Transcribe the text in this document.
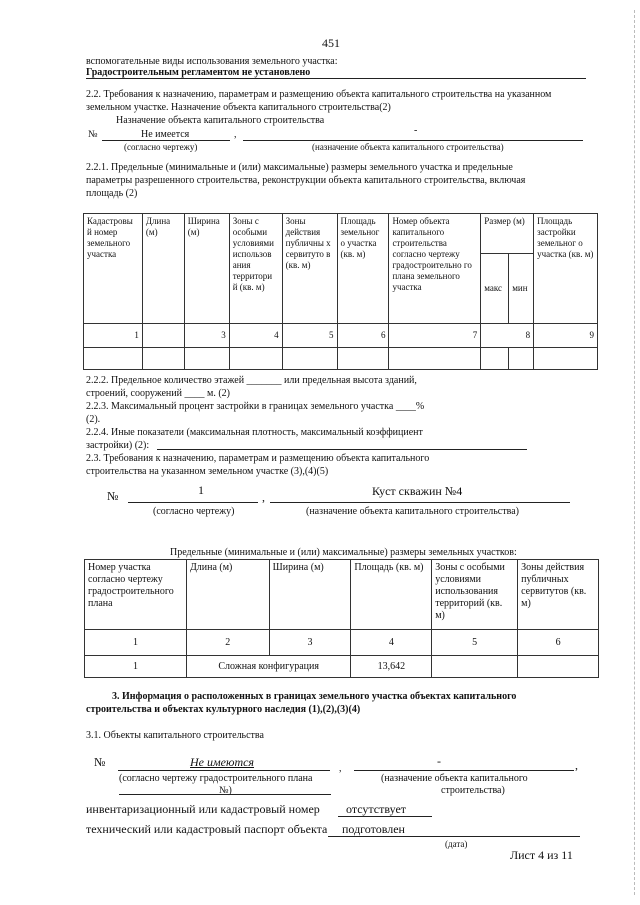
451
вспомогательные виды использования земельного участка:
Градостроительным регламентом не установлено
2.2. Требования к назначению, параметрам и размещению объекта капитального строительства на указанном
земельном участке. Назначение объекта капитального строительства(2)
Назначение объекта капитального строительства
№	Не имеется	,	-
(согласно чертежу)	(назначение объекта капитального строительства)
2.2.1. Предельные (минимальные и (или) максимальные) размеры земельного участка и предельные
параметры разрешенного строительства, реконструкции объекта капитального строительства, включая
площадь (2)
Кадастровы й номер земельного участка	Длина (м)	Ширина (м)	Зоны с особыми условиями использов ания территори й (кв. м)	Зоны действия публичны х сервитуто в (кв. м)	Площадь земельног о участка (кв. м)	Номер объекта капитального строительства согласно чертежу градостроительно го плана земельного участка	Размер (м)		Площадь застройки земельног о участка (кв. м)
							макс	мин	
1		3	4	5	6	7	8		9

2.2.2. Предельное количество этажей _______ или предельная высота зданий,
строений, сооружений ____ м. (2)
2.2.3. Максимальный процент застройки в границах земельного участка ____%
(2).
2.2.4. Иные показатели (максимальная плотность, максимальный коэффициент
застройки) (2):
2.3. Требования к назначению, параметрам и размещению объекта капитального
строительства на указанном земельном участке (3),(4)(5)
№	1	,	Куст скважин №4
(согласно чертежу)	(назначение объекта капитального строительства)
Предельные (минимальные и (или) максимальные) размеры земельных участков:
Номер участка согласно чертежу градостроительного плана	Длина (м)	Ширина (м)	Площадь (кв. м)	Зоны с особыми условиями использования территорий (кв. м)	Зоны действия публичных сервитутов (кв. м)
1	2	3	4	5	6
1	Сложная конфигурация		13,642		
3. Информация о расположенных в границах земельного участка объектах капитального
строительства и объектах культурного наследия (1),(2),(3)(4)
3.1. Объекты капитального строительства
№	Не имеются	,
-	,
(согласно чертежу градостроительного плана
№)
(назначение объекта капитального
строительства)
инвентаризационный или кадастровый номер отсутствует
технический или кадастровый паспорт объекта подготовлен
(дата)
Лист 4 из 11
